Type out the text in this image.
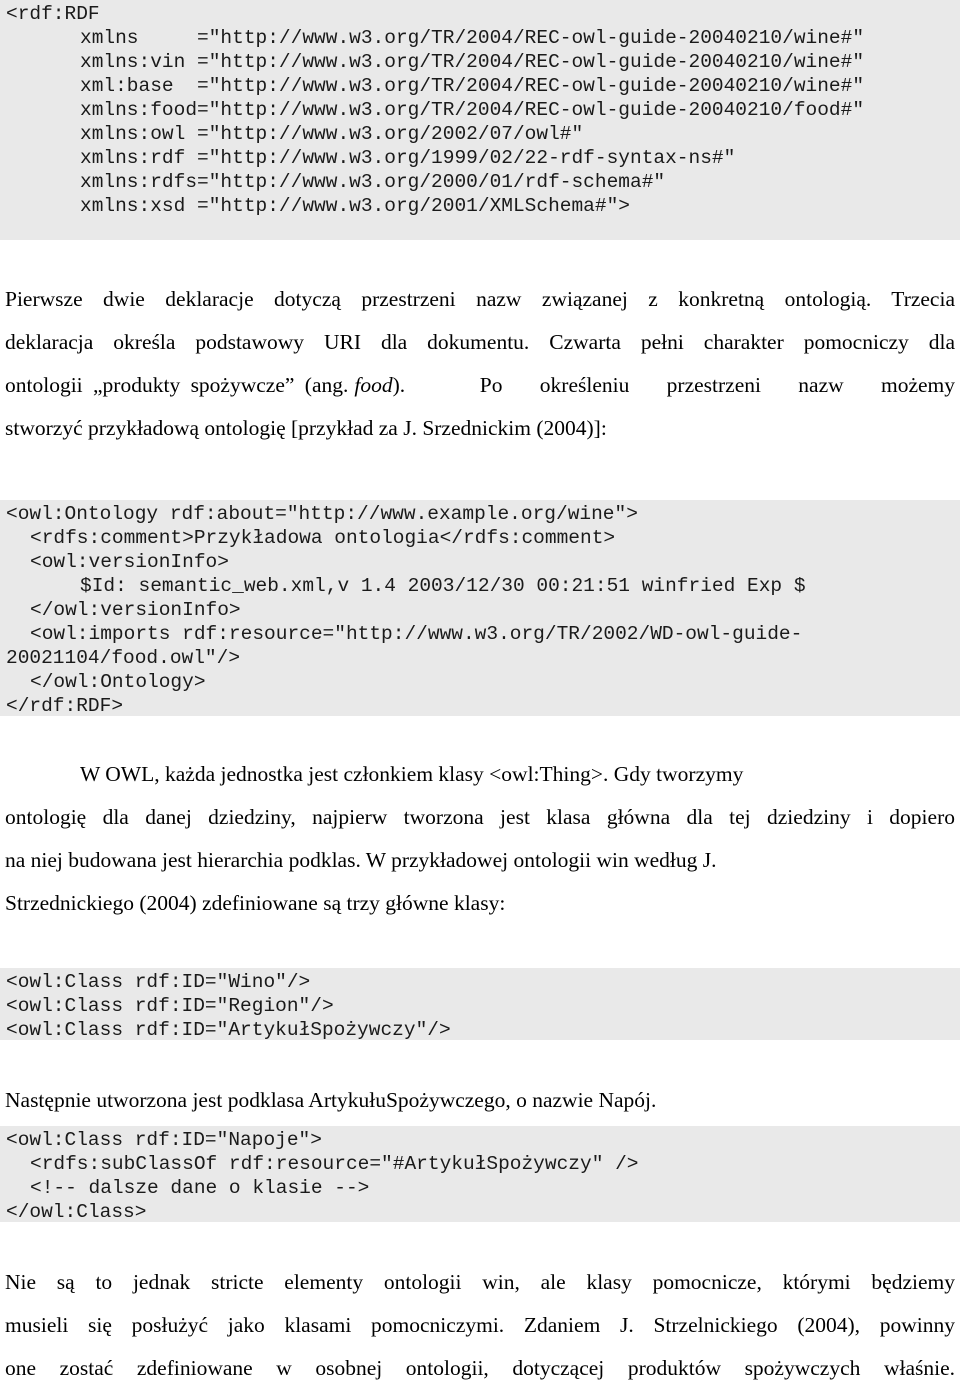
<rdf:RDF
xmlns     ="http://www.w3.org/TR/2004/REC-owl-guide-20040210/wine#"
xmlns:vin ="http://www.w3.org/TR/2004/REC-owl-guide-20040210/wine#"
xml:base  ="http://www.w3.org/TR/2004/REC-owl-guide-20040210/wine#"
xmlns:food="http://www.w3.org/TR/2004/REC-owl-guide-20040210/food#"
xmlns:owl ="http://www.w3.org/2002/07/owl#"
xmlns:rdf ="http://www.w3.org/1999/02/22-rdf-syntax-ns#"
xmlns:rdfs="http://www.w3.org/2000/01/rdf-schema#"
xmlns:xsd ="http://www.w3.org/2001/XMLSchema#">
Pierwsze dwie deklaracje dotyczą przestrzeni nazw związanej z konkretną ontologią. Trzecia
deklaracja określa podstawowy URI dla dokumentu. Czwarta pełni charakter pomocniczy dla
ontologii „produkty spożywcze” (ang. food ).  Po określeniu przestrzeni nazw możemy
stworzyć przykładową ontologię [przykład za J. Srzednickim (2004)]:
<owl:Ontology rdf:about="http://www.example.org/wine">
<rdfs:comment>Przykładowa ontologia</rdfs:comment>
<owl:versionInfo>
$Id: semantic_web.xml,v 1.4 2003/12/30 00:21:51 winfried Exp $
</owl:versionInfo>
<owl:imports rdf:resource="http://www.w3.org/TR/2002/WD-owl-guide-
20021104/food.owl"/>
</owl:Ontology>
</rdf:RDF>
W OWL, każda jednostka jest członkiem klasy <owl:Thing>. Gdy tworzymy
ontologię dla danej dziedziny, najpierw tworzona jest klasa główna dla tej dziedziny i dopiero
na niej budowana jest hierarchia podklas. W przykładowej ontologii win według J.
Strzednickiego (2004) zdefiniowane są trzy główne klasy:
<owl:Class rdf:ID="Wino"/>
<owl:Class rdf:ID="Region"/>
<owl:Class rdf:ID="ArtykułSpożywczy"/>
Następnie utworzona jest podklasa ArtykułuSpożywczego, o nazwie Napój.
<owl:Class rdf:ID="Napoje">
<rdfs:subClassOf rdf:resource="#ArtykułSpożywczy" />
<!-- dalsze dane o klasie -->
</owl:Class>
Nie są to jednak stricte elementy ontologii win, ale klasy pomocnicze, którymi będziemy
musieli się posłużyć jako klasami pomocniczymi. Zdaniem J. Strzelnickiego (2004), powinny
one zostać zdefiniowane w osobnej ontologii, dotyczącej produktów spożywczych właśnie.
